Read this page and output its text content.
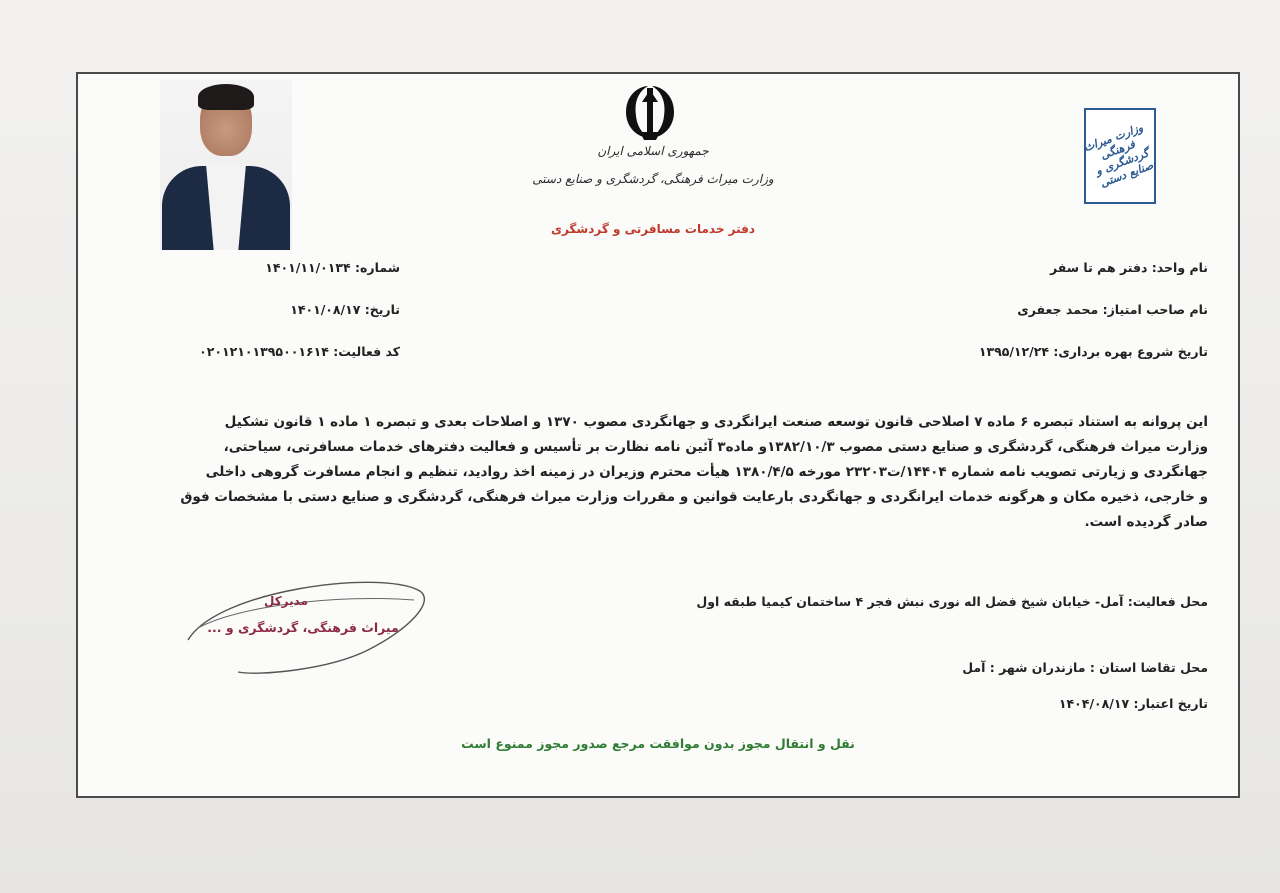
جمهوری اسلامی ایران
وزارت میراث فرهنگی، گردشگری و صنایع دستی
دفتر خدمات مسافرتی و گردشگری
وزارت میراث فرهنگی گردشگری و صنایع دستی
نام واحد: دفتر هم تا سفر
نام صاحب امتیاز: محمد جعفری
تاریخ شروع بهره برداری: ۱۳۹۵/۱۲/۲۴
شماره: ۱۴۰۱/۱۱/۰۱۳۴
تاریخ: ۱۴۰۱/۰۸/۱۷
کد فعالیت: ۰۲۰۱۲۱۰۱۳۹۵۰۰۱۶۱۴
این پروانه به استناد تبصره ۶ ماده ۷ اصلاحی قانون توسعه صنعت ایرانگردی و جهانگردی مصوب ۱۳۷۰ و اصلاحات بعدی و تبصره ۱ ماده ۱ قانون تشکیل
وزارت میراث فرهنگی، گردشگری و صنایع دستی مصوب ۱۳۸۲/۱۰/۳و ماده۳ آئین نامه نظارت بر تأسیس و فعالیت دفترهای خدمات مسافرتی، سیاحتی،
جهانگردی و زیارتی تصویب نامه شماره ۱۴۴۰۴/ت۲۳۲۰۳ مورخه ۱۳۸۰/۴/۵ هیأت محترم وزیران در زمینه اخذ روادید، تنظیم و انجام مسافرت گروهی داخلی
و خارجی، ذخیره مکان و هرگونه خدمات ایرانگردی و جهانگردی بارعایت قوانین و مقررات وزارت میراث فرهنگی، گردشگری و صنایع دستی با مشخصات فوق
صادر گردیده است.
محل فعالیت: آمل- خیابان شیخ فضل اله نوری نبش فجر ۴ ساختمان کیمیا طبقه اول
محل تقاضا استان : مازندران شهر : آمل
تاریخ اعتبار: ۱۴۰۴/۰۸/۱۷
مدیرکل
میراث فرهنگی، گردشگری و ...
نقل و انتقال مجوز بدون موافقت مرجع صدور مجوز ممنوع است
